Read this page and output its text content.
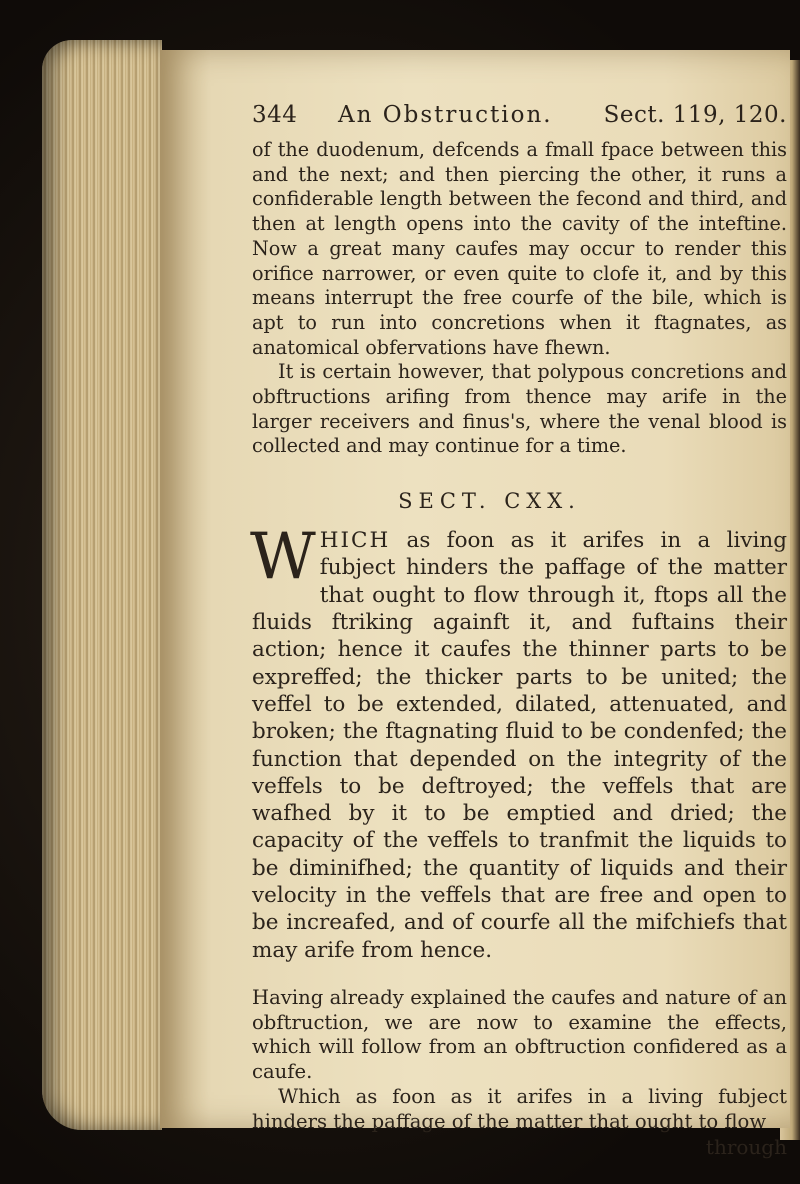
344 An Obstruction. Sect. 119, 120.

of the duodenum, defcends a fmall fpace between this and the next; and then piercing the other, it runs a confiderable length between the fecond and third, and then at length opens into the cavity of the inteftine. Now a great many caufes may occur to render this orifice narrower, or even quite to clofe it, and by this means interrupt the free courfe of the bile, which is apt to run into concretions when it ftagnates, as anatomical obfervations have fhewn.

It is certain however, that polypous concretions and obftructions arifing from thence may arife in the larger receivers and finus's, where the venal blood is collected and may continue for a time.

SECT. CXX.

WHICH as foon as it arifes in a living fubject hinders the paffage of the matter that ought to flow through it, ftops all the fluids ftriking againft it, and fuftains their action; hence it caufes the thinner parts to be expreffed; the thicker parts to be united; the veffel to be extended, dilated, attenuated, and broken; the ftagnating fluid to be condenfed; the function that depended on the integrity of the veffels to be deftroyed; the veffels that are wafhed by it to be emptied and dried; the capacity of the veffels to tranfmit the liquids to be diminifhed; the quantity of liquids and their velocity in the veffels that are free and open to be increafed, and of courfe all the mifchiefs that may arife from hence.

Having already explained the caufes and nature of an obftruction, we are now to examine the effects, which will follow from an obftruction confidered as a caufe.

Which as foon as it arifes in a living fubject hinders the paffage of the matter that ought to flow

through
